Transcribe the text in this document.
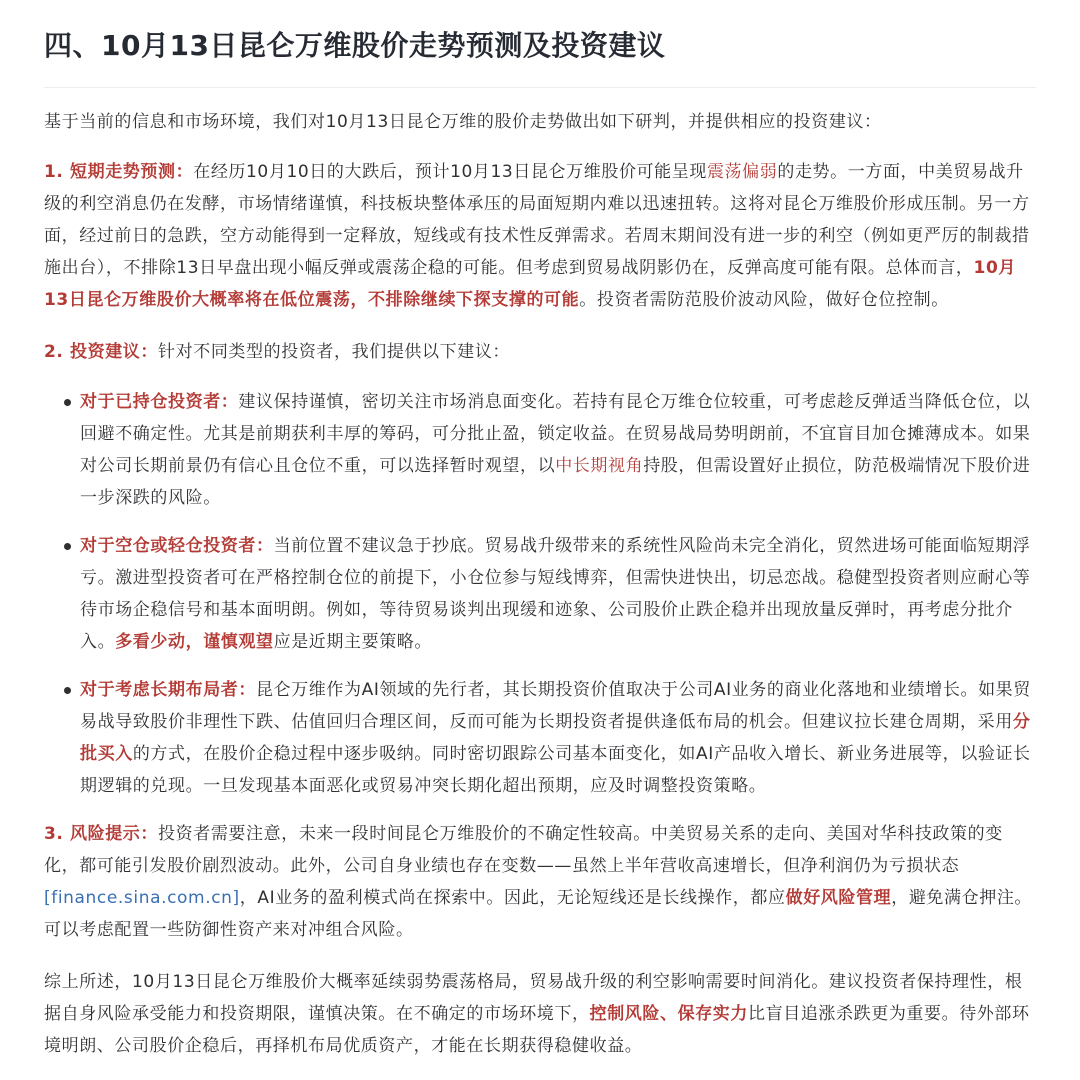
四、10月13日昆仑万维股价走势预测及投资建议

基于当前的信息和市场环境，我们对10月13日昆仑万维的股价走势做出如下研判，并提供相应的投资建议：

1. 短期走势预测：在经历10月10日的大跌后，预计10月13日昆仑万维股价可能呈现震荡偏弱的走势。一方面，中美贸易战升级的利空消息仍在发酵，市场情绪谨慎，科技板块整体承压的局面短期内难以迅速扭转。这将对昆仑万维股价形成压制。另一方面，经过前日的急跌，空方动能得到一定释放，短线或有技术性反弹需求。若周末期间没有进一步的利空（例如更严厉的制裁措施出台），不排除13日早盘出现小幅反弹或震荡企稳的可能。但考虑到贸易战阴影仍在，反弹高度可能有限。总体而言，10月13日昆仑万维股价大概率将在低位震荡，不排除继续下探支撑的可能。投资者需防范股价波动风险，做好仓位控制。

2. 投资建议：针对不同类型的投资者，我们提供以下建议：

对于已持仓投资者：建议保持谨慎，密切关注市场消息面变化。若持有昆仑万维仓位较重，可考虑趁反弹适当降低仓位，以回避不确定性。尤其是前期获利丰厚的筹码，可分批止盈，锁定收益。在贸易战局势明朗前，不宜盲目加仓摊薄成本。如果对公司长期前景仍有信心且仓位不重，可以选择暂时观望，以中长期视角持股，但需设置好止损位，防范极端情况下股价进一步深跌的风险。
对于空仓或轻仓投资者：当前位置不建议急于抄底。贸易战升级带来的系统性风险尚未完全消化，贸然进场可能面临短期浮亏。激进型投资者可在严格控制仓位的前提下，小仓位参与短线博弈，但需快进快出，切忌恋战。稳健型投资者则应耐心等待市场企稳信号和基本面明朗。例如，等待贸易谈判出现缓和迹象、公司股价止跌企稳并出现放量反弹时，再考虑分批介入。多看少动，谨慎观望应是近期主要策略。
对于考虑长期布局者：昆仑万维作为AI领域的先行者，其长期投资价值取决于公司AI业务的商业化落地和业绩增长。如果贸易战导致股价非理性下跌、估值回归合理区间，反而可能为长期投资者提供逢低布局的机会。但建议拉长建仓周期，采用分批买入的方式，在股价企稳过程中逐步吸纳。同时密切跟踪公司基本面变化，如AI产品收入增长、新业务进展等，以验证长期逻辑的兑现。一旦发现基本面恶化或贸易冲突长期化超出预期，应及时调整投资策略。

3. 风险提示：投资者需要注意，未来一段时间昆仑万维股价的不确定性较高。中美贸易关系的走向、美国对华科技政策的变化，都可能引发股价剧烈波动。此外，公司自身业绩也存在变数——虽然上半年营收高速增长，但净利润仍为亏损状态[finance.sina.com.cn]，AI业务的盈利模式尚在探索中。因此，无论短线还是长线操作，都应做好风险管理，避免满仓押注。可以考虑配置一些防御性资产来对冲组合风险。

综上所述，10月13日昆仑万维股价大概率延续弱势震荡格局，贸易战升级的利空影响需要时间消化。建议投资者保持理性，根据自身风险承受能力和投资期限，谨慎决策。在不确定的市场环境下，控制风险、保存实力比盲目追涨杀跌更为重要。待外部环境明朗、公司股价企稳后，再择机布局优质资产，才能在长期获得稳健收益。
